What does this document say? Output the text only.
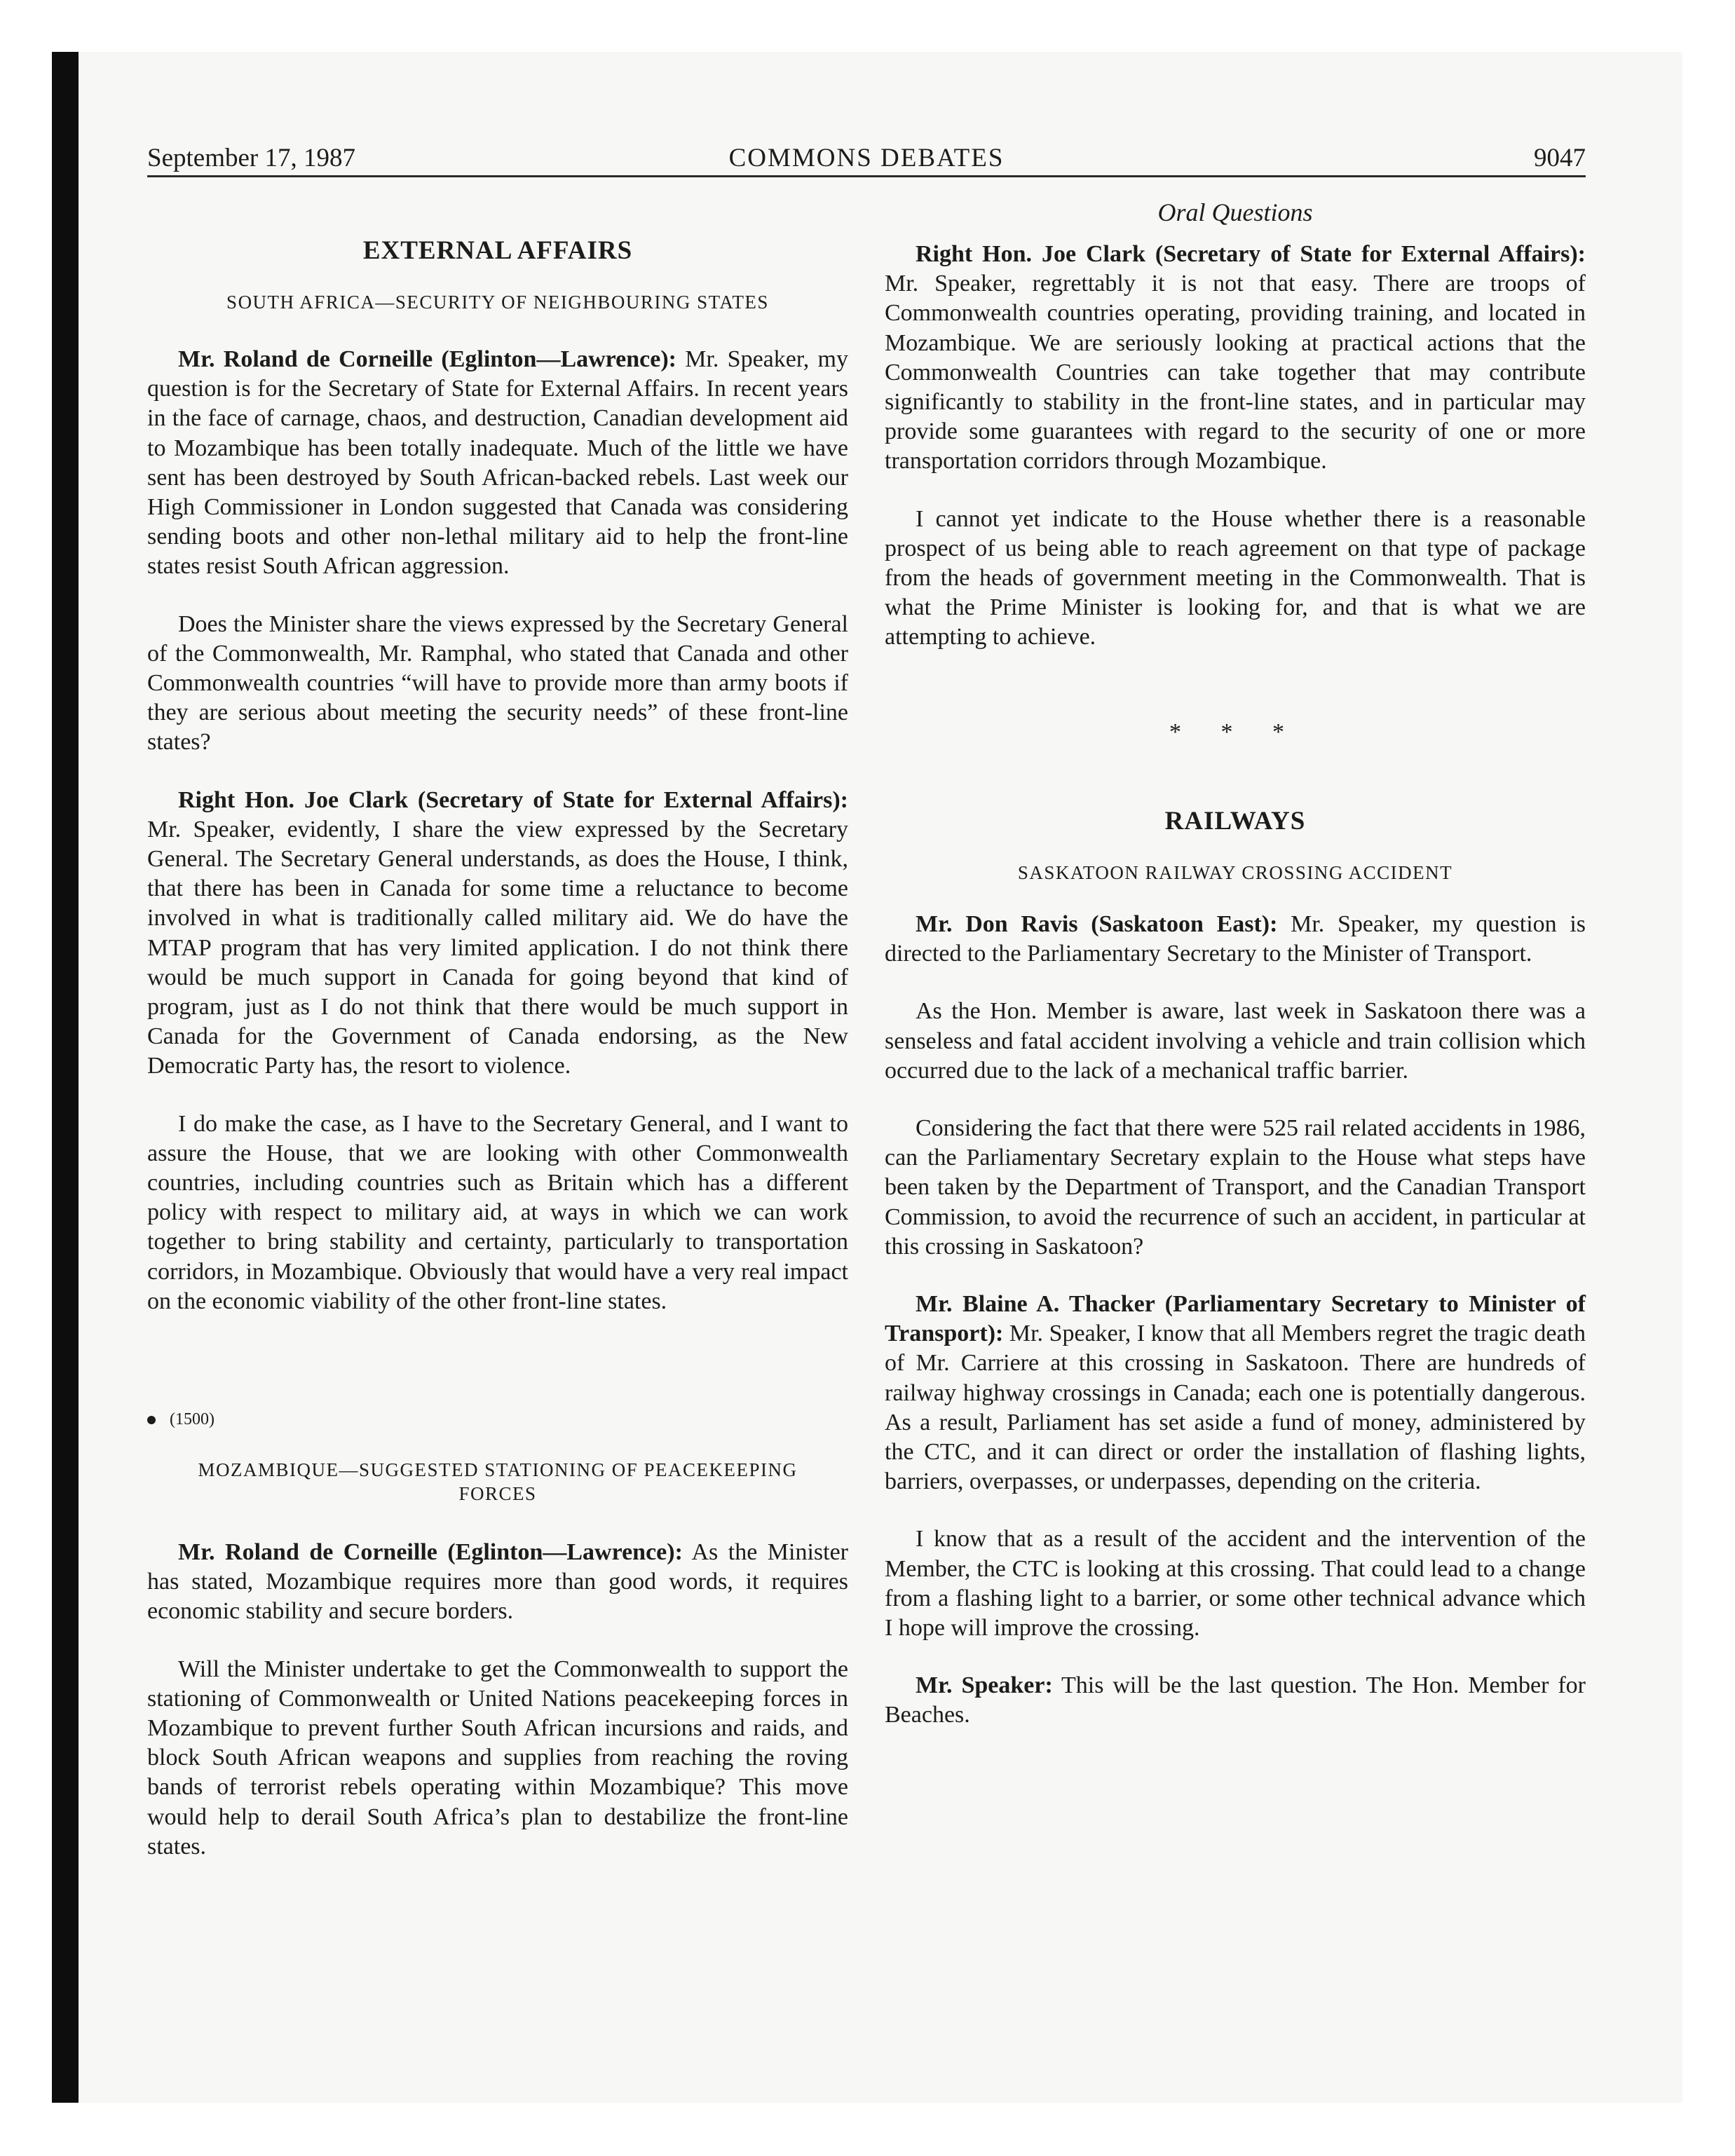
September 17, 1987	COMMONS DEBATES	9047
EXTERNAL AFFAIRS
SOUTH AFRICA—SECURITY OF NEIGHBOURING STATES

Mr. Roland de Corneille (Eglinton—Lawrence): Mr. Speaker, my question is for the Secretary of State for External Affairs. In recent years in the face of carnage, chaos, and destruction, Canadian development aid to Mozambique has been totally inadequate. Much of the little we have sent has been destroyed by South African-backed rebels. Last week our High Commissioner in London suggested that Canada was considering sending boots and other non-lethal military aid to help the front-line states resist South African aggression.

Does the Minister share the views expressed by the Secretary General of the Commonwealth, Mr. Ramphal, who stated that Canada and other Commonwealth countries “will have to provide more than army boots if they are serious about meeting the security needs” of these front-line states?

Right Hon. Joe Clark (Secretary of State for External Affairs): Mr. Speaker, evidently, I share the view expressed by the Secretary General. The Secretary General understands, as does the House, I think, that there has been in Canada for some time a reluctance to become involved in what is traditionally called military aid. We do have the MTAP program that has very limited application. I do not think there would be much support in Canada for going beyond that kind of program, just as I do not think that there would be much support in Canada for the Government of Canada endorsing, as the New Democratic Party has, the resort to violence.

I do make the case, as I have to the Secretary General, and I want to assure the House, that we are looking with other Commonwealth countries, including countries such as Britain which has a different policy with respect to military aid, at ways in which we can work together to bring stability and certainty, particularly to transportation corridors, in Mozambique. Obviously that would have a very real impact on the economic viability of the other front-line states.

(1500)
MOZAMBIQUE—SUGGESTED STATIONING OF PEACEKEEPING FORCES

Mr. Roland de Corneille (Eglinton—Lawrence): As the Minister has stated, Mozambique requires more than good words, it requires economic stability and secure borders.

Will the Minister undertake to get the Commonwealth to support the stationing of Commonwealth or United Nations peacekeeping forces in Mozambique to prevent further South African incursions and raids, and block South African weapons and supplies from reaching the roving bands of terrorist rebels operating within Mozambique? This move would help to derail South Africa’s plan to destabilize the front-line states.

Oral Questions

Right Hon. Joe Clark (Secretary of State for External Affairs): Mr. Speaker, regrettably it is not that easy. There are troops of Commonwealth countries operating, providing training, and located in Mozambique. We are seriously looking at practical actions that the Commonwealth Countries can take together that may contribute significantly to stability in the front-line states, and in particular may provide some guarantees with regard to the security of one or more transportation corridors through Mozambique.

I cannot yet indicate to the House whether there is a reasonable prospect of us being able to reach agreement on that type of package from the heads of government meeting in the Commonwealth. That is what the Prime Minister is looking for, and that is what we are attempting to achieve.

* * *
RAILWAYS
SASKATOON RAILWAY CROSSING ACCIDENT

Mr. Don Ravis (Saskatoon East): Mr. Speaker, my question is directed to the Parliamentary Secretary to the Minister of Transport.

As the Hon. Member is aware, last week in Saskatoon there was a senseless and fatal accident involving a vehicle and train collision which occurred due to the lack of a mechanical traffic barrier.

Considering the fact that there were 525 rail related accidents in 1986, can the Parliamentary Secretary explain to the House what steps have been taken by the Department of Transport, and the Canadian Transport Commission, to avoid the recurrence of such an accident, in particular at this crossing in Saskatoon?

Mr. Blaine A. Thacker (Parliamentary Secretary to Minister of Transport): Mr. Speaker, I know that all Members regret the tragic death of Mr. Carriere at this crossing in Saskatoon. There are hundreds of railway highway crossings in Canada; each one is potentially dangerous. As a result, Parliament has set aside a fund of money, administered by the CTC, and it can direct or order the installation of flashing lights, barriers, overpasses, or underpasses, depending on the criteria.

I know that as a result of the accident and the intervention of the Member, the CTC is looking at this crossing. That could lead to a change from a flashing light to a barrier, or some other technical advance which I hope will improve the crossing.

Mr. Speaker: This will be the last question. The Hon. Member for Beaches.
